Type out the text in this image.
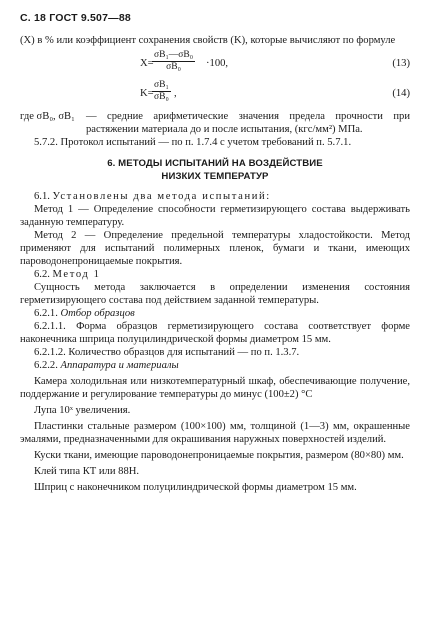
С. 18 ГОСТ 9.507—88

(X) в % или коэффициент сохранения свойств (K), которые вычисляют по формуле

X=
$\frac{\text{σB₁—σB₀}}{\text{σB₀}} \cdot 100$,	(13)
K=
$\frac{\text{σB₁}}{\text{σB₀}}$ ,	(14)
где σB₀, σB₁	— средние арифметические значения предела прочности при растяжении материала до и после испытания, (кгс/мм²) МПа.

5.7.2. Протокол испытаний — по п. 1.7.4 с учетом требований п. 5.7.1.

6. МЕТОДЫ ИСПЫТАНИЙ НА ВОЗДЕЙСТВИЕ
НИЗКИХ ТЕМПЕРАТУР

6.1. Установлены два метода испытаний:

Метод 1 — Определение способности герметизирующего состава выдерживать заданную температуру.

Метод 2 — Определение предельной температуры хладостойкости. Метод применяют для испытаний полимерных пленок, бумаги и ткани, имеющих пароводонепроницаемые покрытия.

6.2. Метод 1

Сущность метода заключается в определении изменения состояния герметизирующего состава под действием заданной температуры.

6.2.1. Отбор образцов

6.2.1.1. Форма образцов герметизирующего состава соответствует форме наконечника шприца полуцилиндрической формы диаметром 15 мм.

6.2.1.2. Количество образцов для испытаний — по п. 1.3.7.

6.2.2. Аппаратура и материалы

Камера холодильная или низкотемпературный шкаф, обеспечивающие получение, поддержание и регулирование температуры до минус (100±2) °С

Лупа 10ˣ увеличения.

Пластинки стальные размером (100×100) мм, толщиной (1—3) мм, окрашенные эмалями, предназначенными для окрашивания наружных поверхностей изделий.

Куски ткани, имеющие пароводонепроницаемые покрытия, размером (80×80) мм.

Клей типа КТ или 88Н.

Шприц с наконечником полуцилиндрической формы диаметром 15 мм.
